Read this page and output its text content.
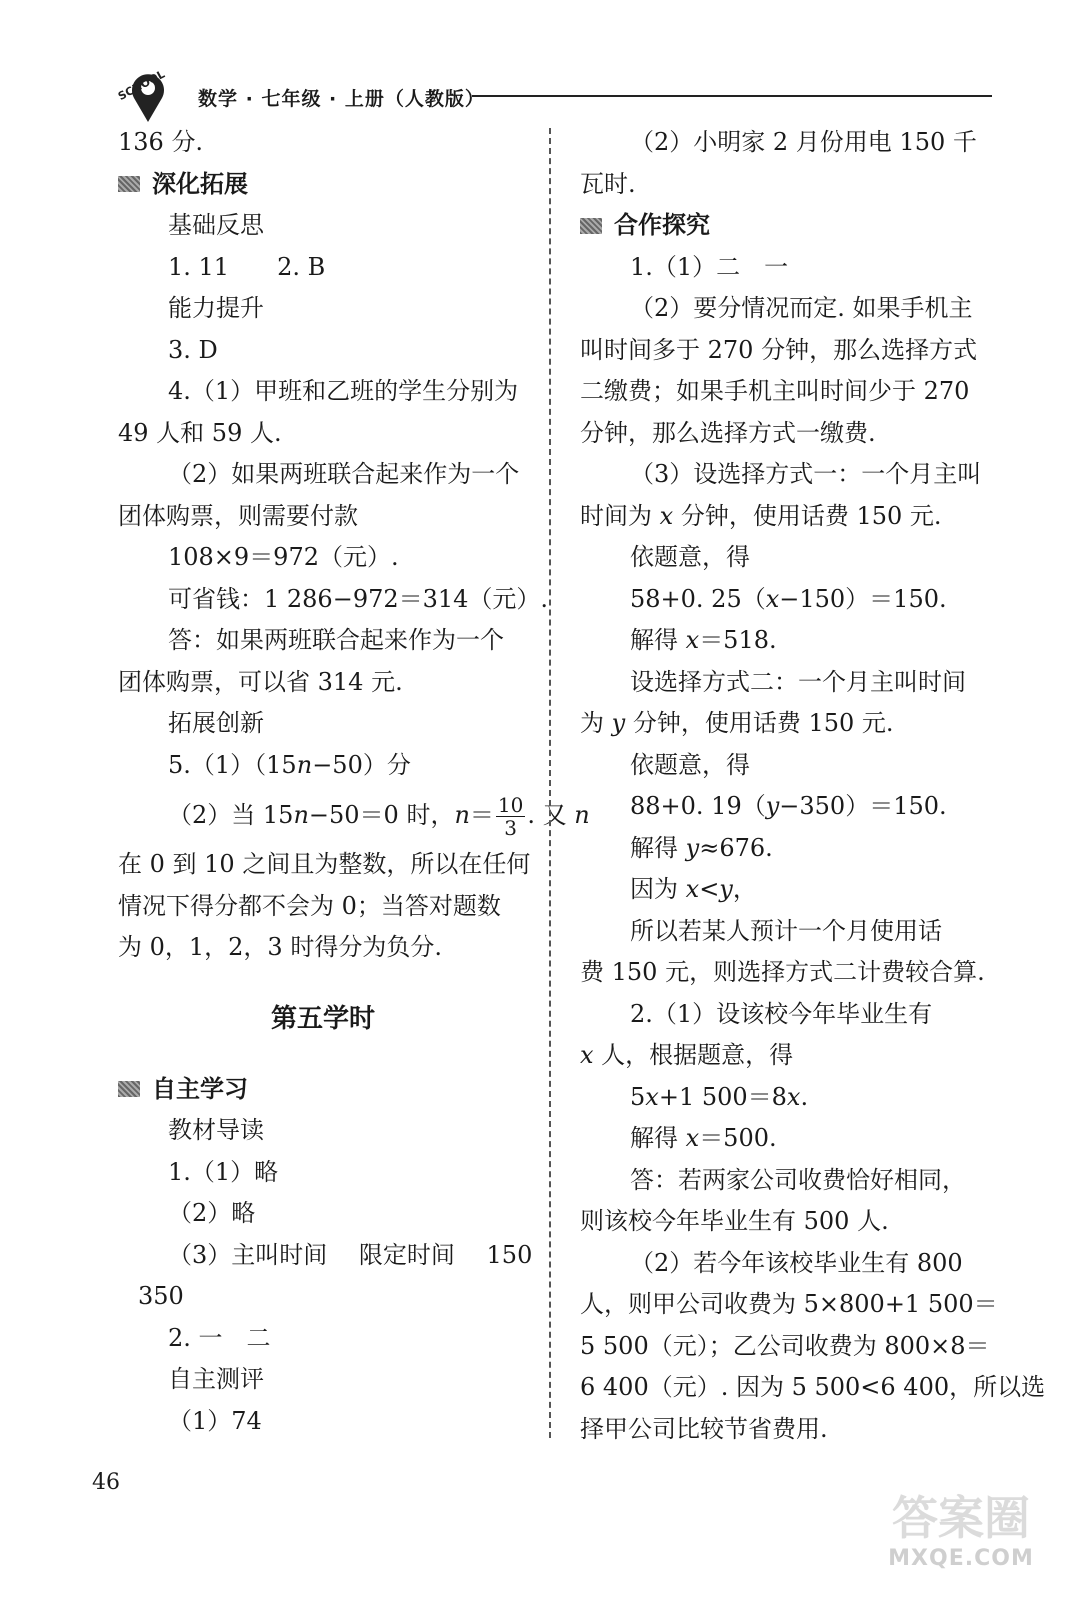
SCHOOL 数学 · 七年级 · 上册（人教版）
136 分.
深化拓展
基础反思
1. 11　　2. B
能力提升
3. D
4.（1）甲班和乙班的学生分别为
49 人和 59 人.
（2）如果两班联合起来作为一个
团体购票，则需要付款
108×9＝972（元）.
可省钱：1 286−972＝314（元）.
答：如果两班联合起来作为一个
团体购票，可以省 314 元.
拓展创新
5.（1）（15n−50）分
（2）当 15n−50＝0 时，$n= \frac{10}{3}$ . 又 n
在 0 到 10 之间且为整数，所以在任何
情况下得分都不会为 0；当答对题数
为 0，1，2，3 时得分为负分.
第五学时
自主学习
教材导读
1.（1）略
（2）略
（3）主叫时间　 限定时间　 150
350
2. 一　二
自主测评
（1）74
（2）小明家 2 月份用电 150 千
瓦时.
合作探究
1.（1）二　一
（2）要分情况而定. 如果手机主
叫时间多于 270 分钟，那么选择方式
二缴费；如果手机主叫时间少于 270
分钟，那么选择方式一缴费.
（3）设选择方式一：一个月主叫
时间为 x 分钟，使用话费 150 元.
依题意，得
58+0. 25（x−150）＝150.
解得 x＝518.
设选择方式二：一个月主叫时间
为 y 分钟，使用话费 150 元.
依题意，得
88+0. 19（y−350）＝150.
解得 y≈676.
因为 x<y，
所以若某人预计一个月使用话
费 150 元，则选择方式二计费较合算.
2.（1）设该校今年毕业生有
x 人，根据题意，得
5x+1 500＝8x.
解得 x＝500.
答：若两家公司收费恰好相同，
则该校今年毕业生有 500 人.
（2）若今年该校毕业生有 800
人，则甲公司收费为 5×800+1 500＝
5 500（元）；乙公司收费为 800×8＝
6 400（元）. 因为 5 500<6 400，所以选
择甲公司比较节省费用.
46
答案圈
MXQE.COM
